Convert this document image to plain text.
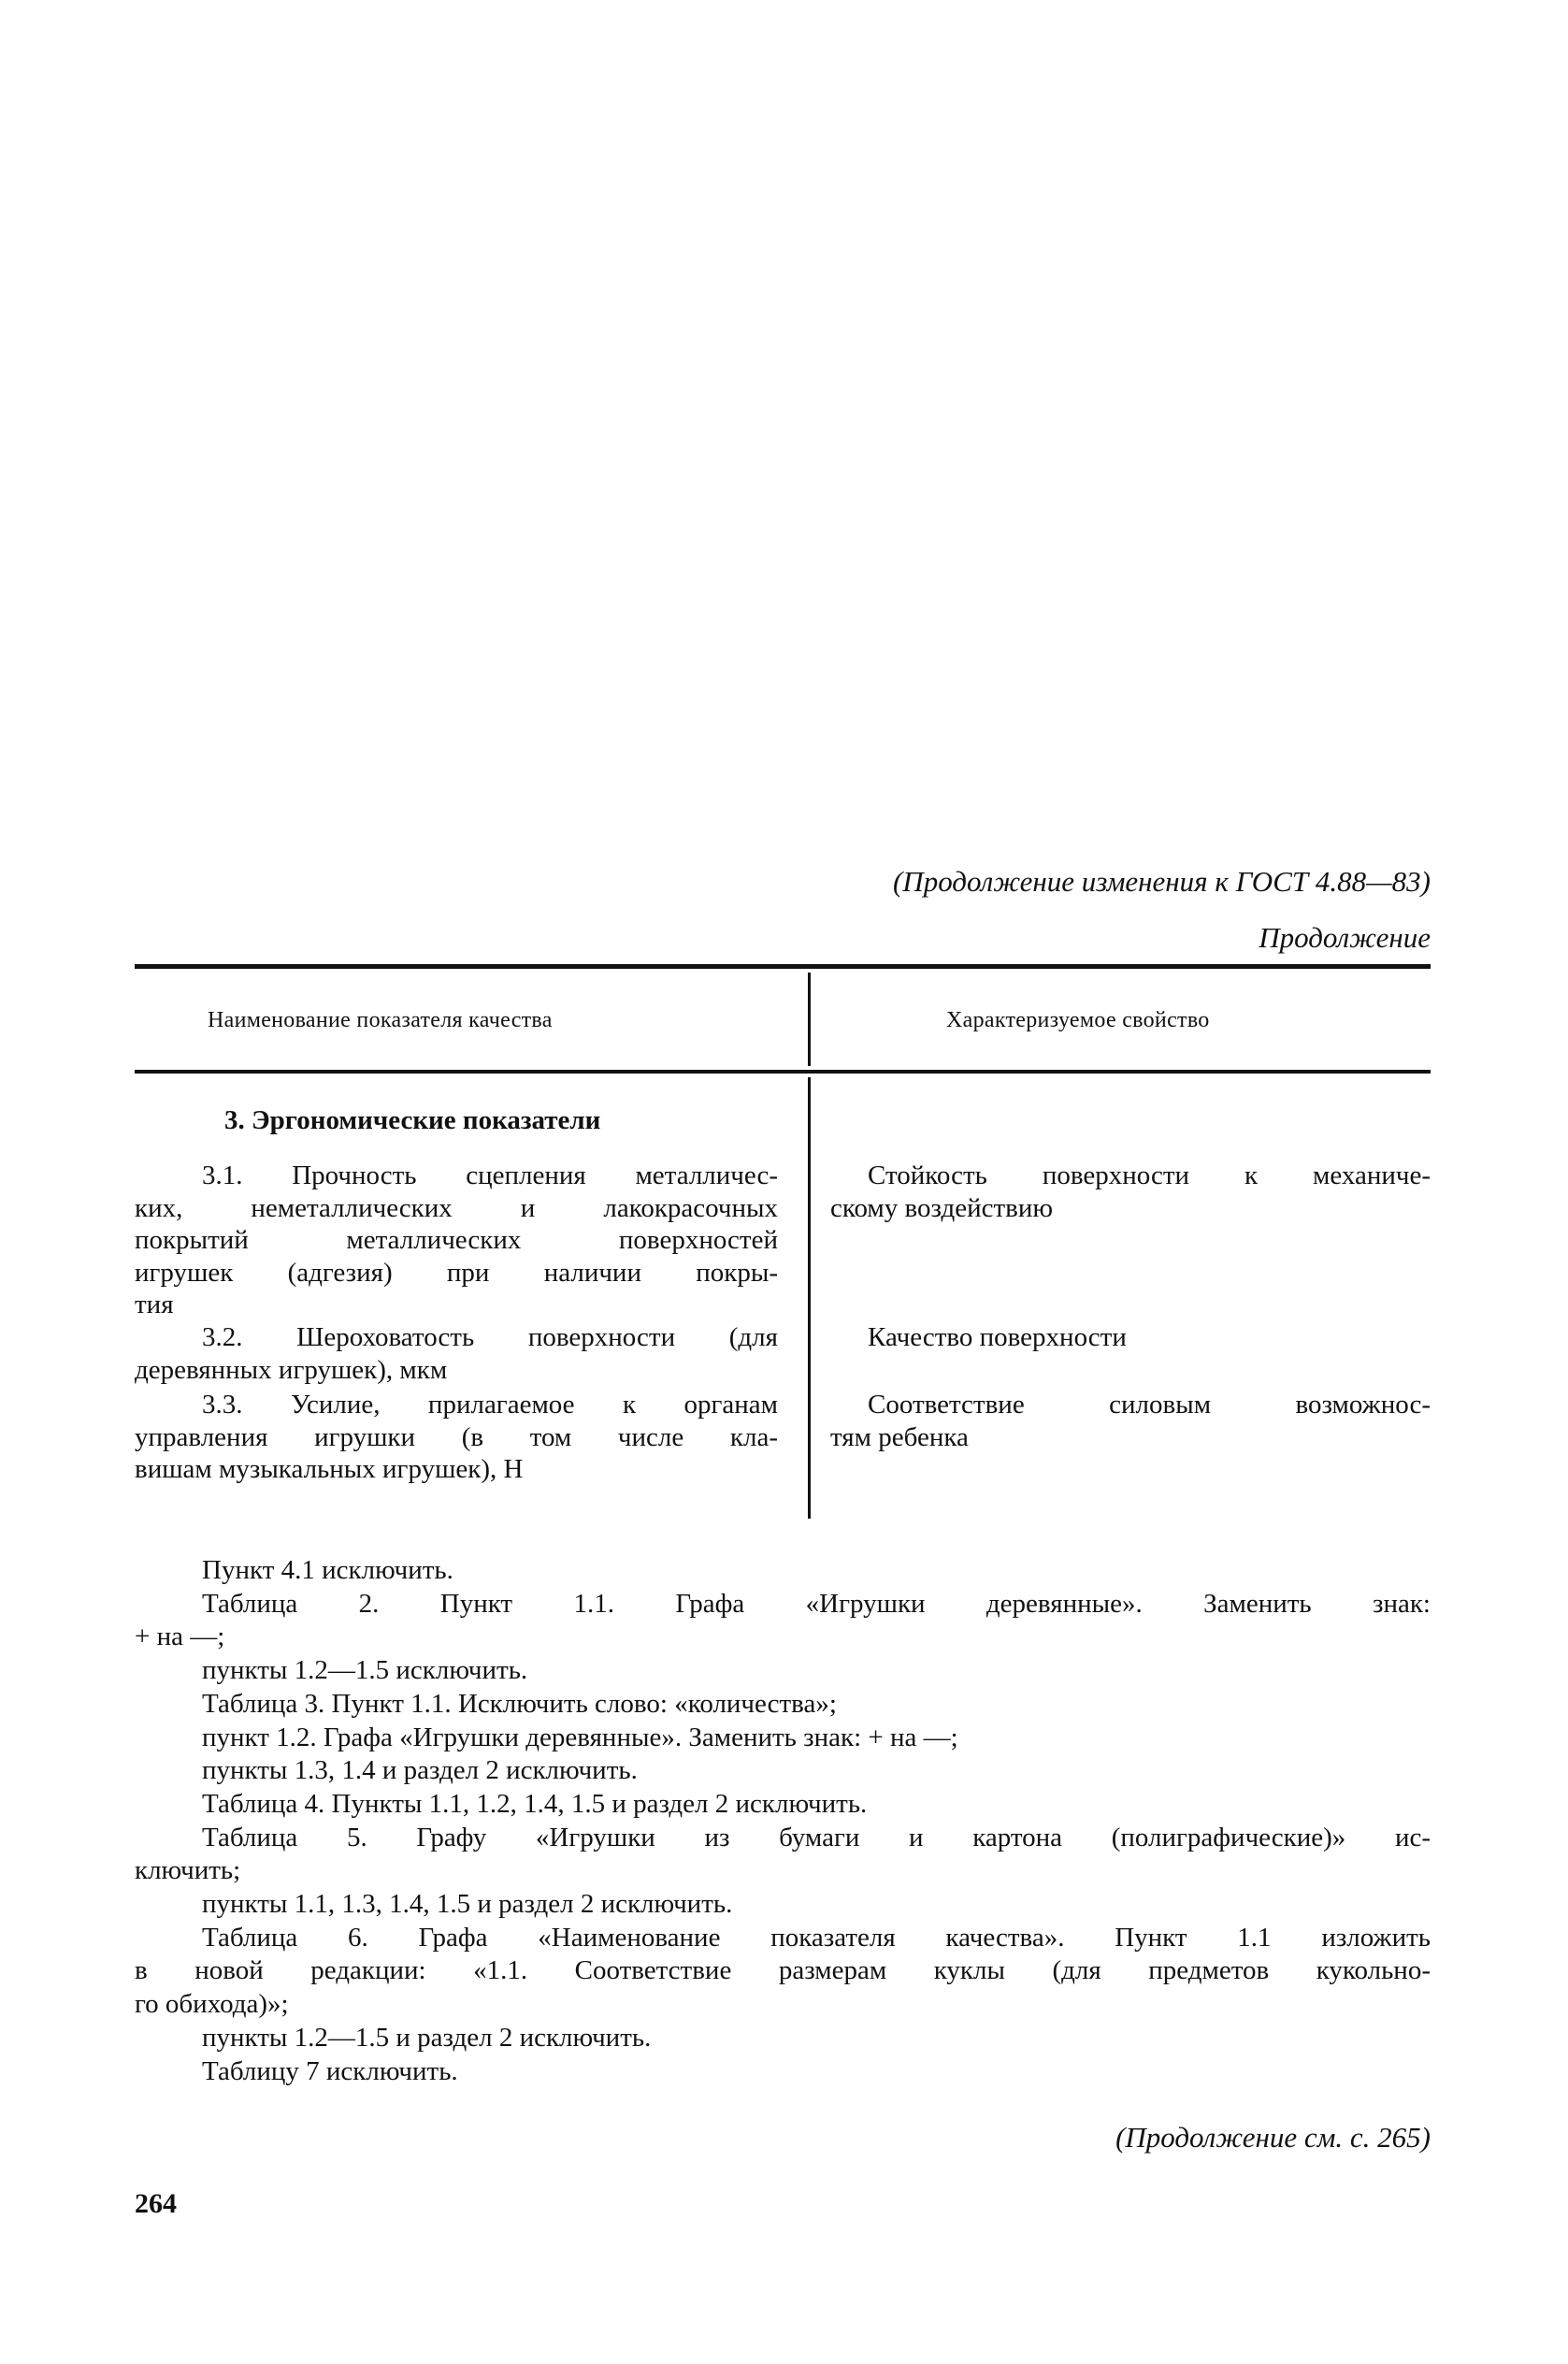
(Продолжение изменения к ГОСТ 4.88—83)
Продолжение
Наименование показателя качества	Характеризуемое свойство
3. Эргономические показатели
3.1. Прочность сцепления металличес-
ких, неметаллических и лакокрасочных
покрытий металлических поверхностей
игрушек (адгезия) при наличии покры-
тия
Стойкость поверхности к механиче-
скому воздействию
3.2. Шероховатость поверхности (для
деревянных игрушек), мкм
Качество поверхности
3.3. Усилие, прилагаемое к органам
управления игрушки (в том числе кла-
вишам музыкальных игрушек), Н
Соответствие силовым возможнос-
тям ребенка
Пункт 4.1 исключить.
Таблица 2. Пункт 1.1. Графа «Игрушки деревянные». Заменить знак:
+ на —;
пункты 1.2—1.5 исключить.
Таблица 3. Пункт 1.1. Исключить слово: «количества»;
пункт 1.2. Графа «Игрушки деревянные». Заменить знак: + на —;
пункты 1.3, 1.4 и раздел 2 исключить.
Таблица 4. Пункты 1.1, 1.2, 1.4, 1.5 и раздел 2 исключить.
Таблица 5. Графу «Игрушки из бумаги и картона (полиграфические)» ис-
ключить;
пункты 1.1, 1.3, 1.4, 1.5 и раздел 2 исключить.
Таблица 6. Графа «Наименование показателя качества». Пункт 1.1 изложить
в новой редакции: «1.1. Соответствие размерам куклы (для предметов кукольно-
го обихода)»;
пункты 1.2—1.5 и раздел 2 исключить.
Таблицу 7 исключить.
(Продолжение см. с. 265)
264
